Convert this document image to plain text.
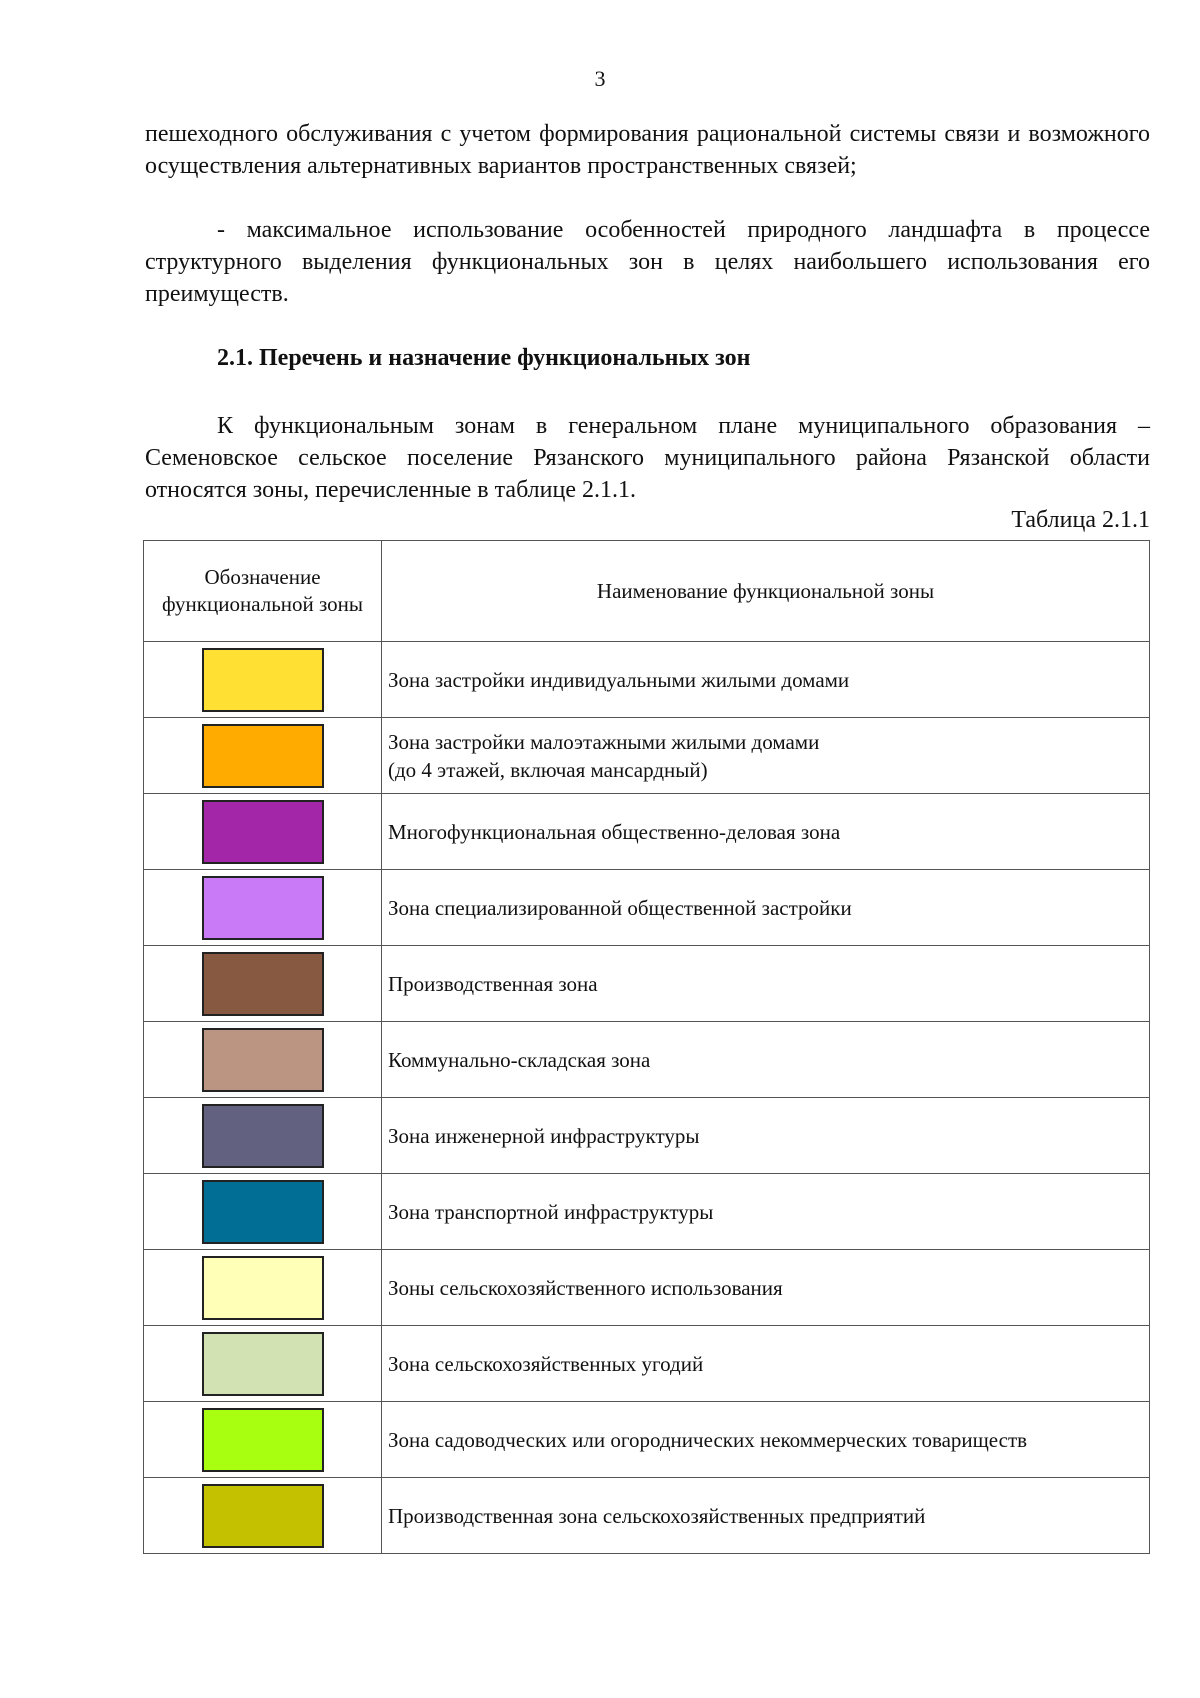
3
пешеходного обслуживания с учетом формирования рациональной системы связи и возможного осуществления альтернативных вариантов пространственных связей;
- максимальное использование особенностей природного ландшафта в процессе структурного выделения функциональных зон в целях наибольшего использования его преимуществ.
2.1. Перечень и назначение функциональных зон
К функциональным зонам в генеральном плане муниципального образования – Семеновское сельское поселение Рязанского муниципального района Рязанской области относятся зоны, перечисленные в таблице 2.1.1.
Таблица 2.1.1
Обозначение функциональной зоны	Наименование функциональной зоны

	Зона застройки индивидуальными жилыми домами

	Зона застройки малоэтажными жилыми домами
(до 4 этажей, включая мансардный)

	Многофункциональная общественно-деловая зона

	Зона специализированной общественной застройки

	Производственная зона

	Коммунально-складская зона

	Зона инженерной инфраструктуры

	Зона транспортной инфраструктуры

	Зоны сельскохозяйственного использования

	Зона сельскохозяйственных угодий

	Зона садоводческих или огороднических некоммерческих товариществ

	Производственная зона сельскохозяйственных предприятий
